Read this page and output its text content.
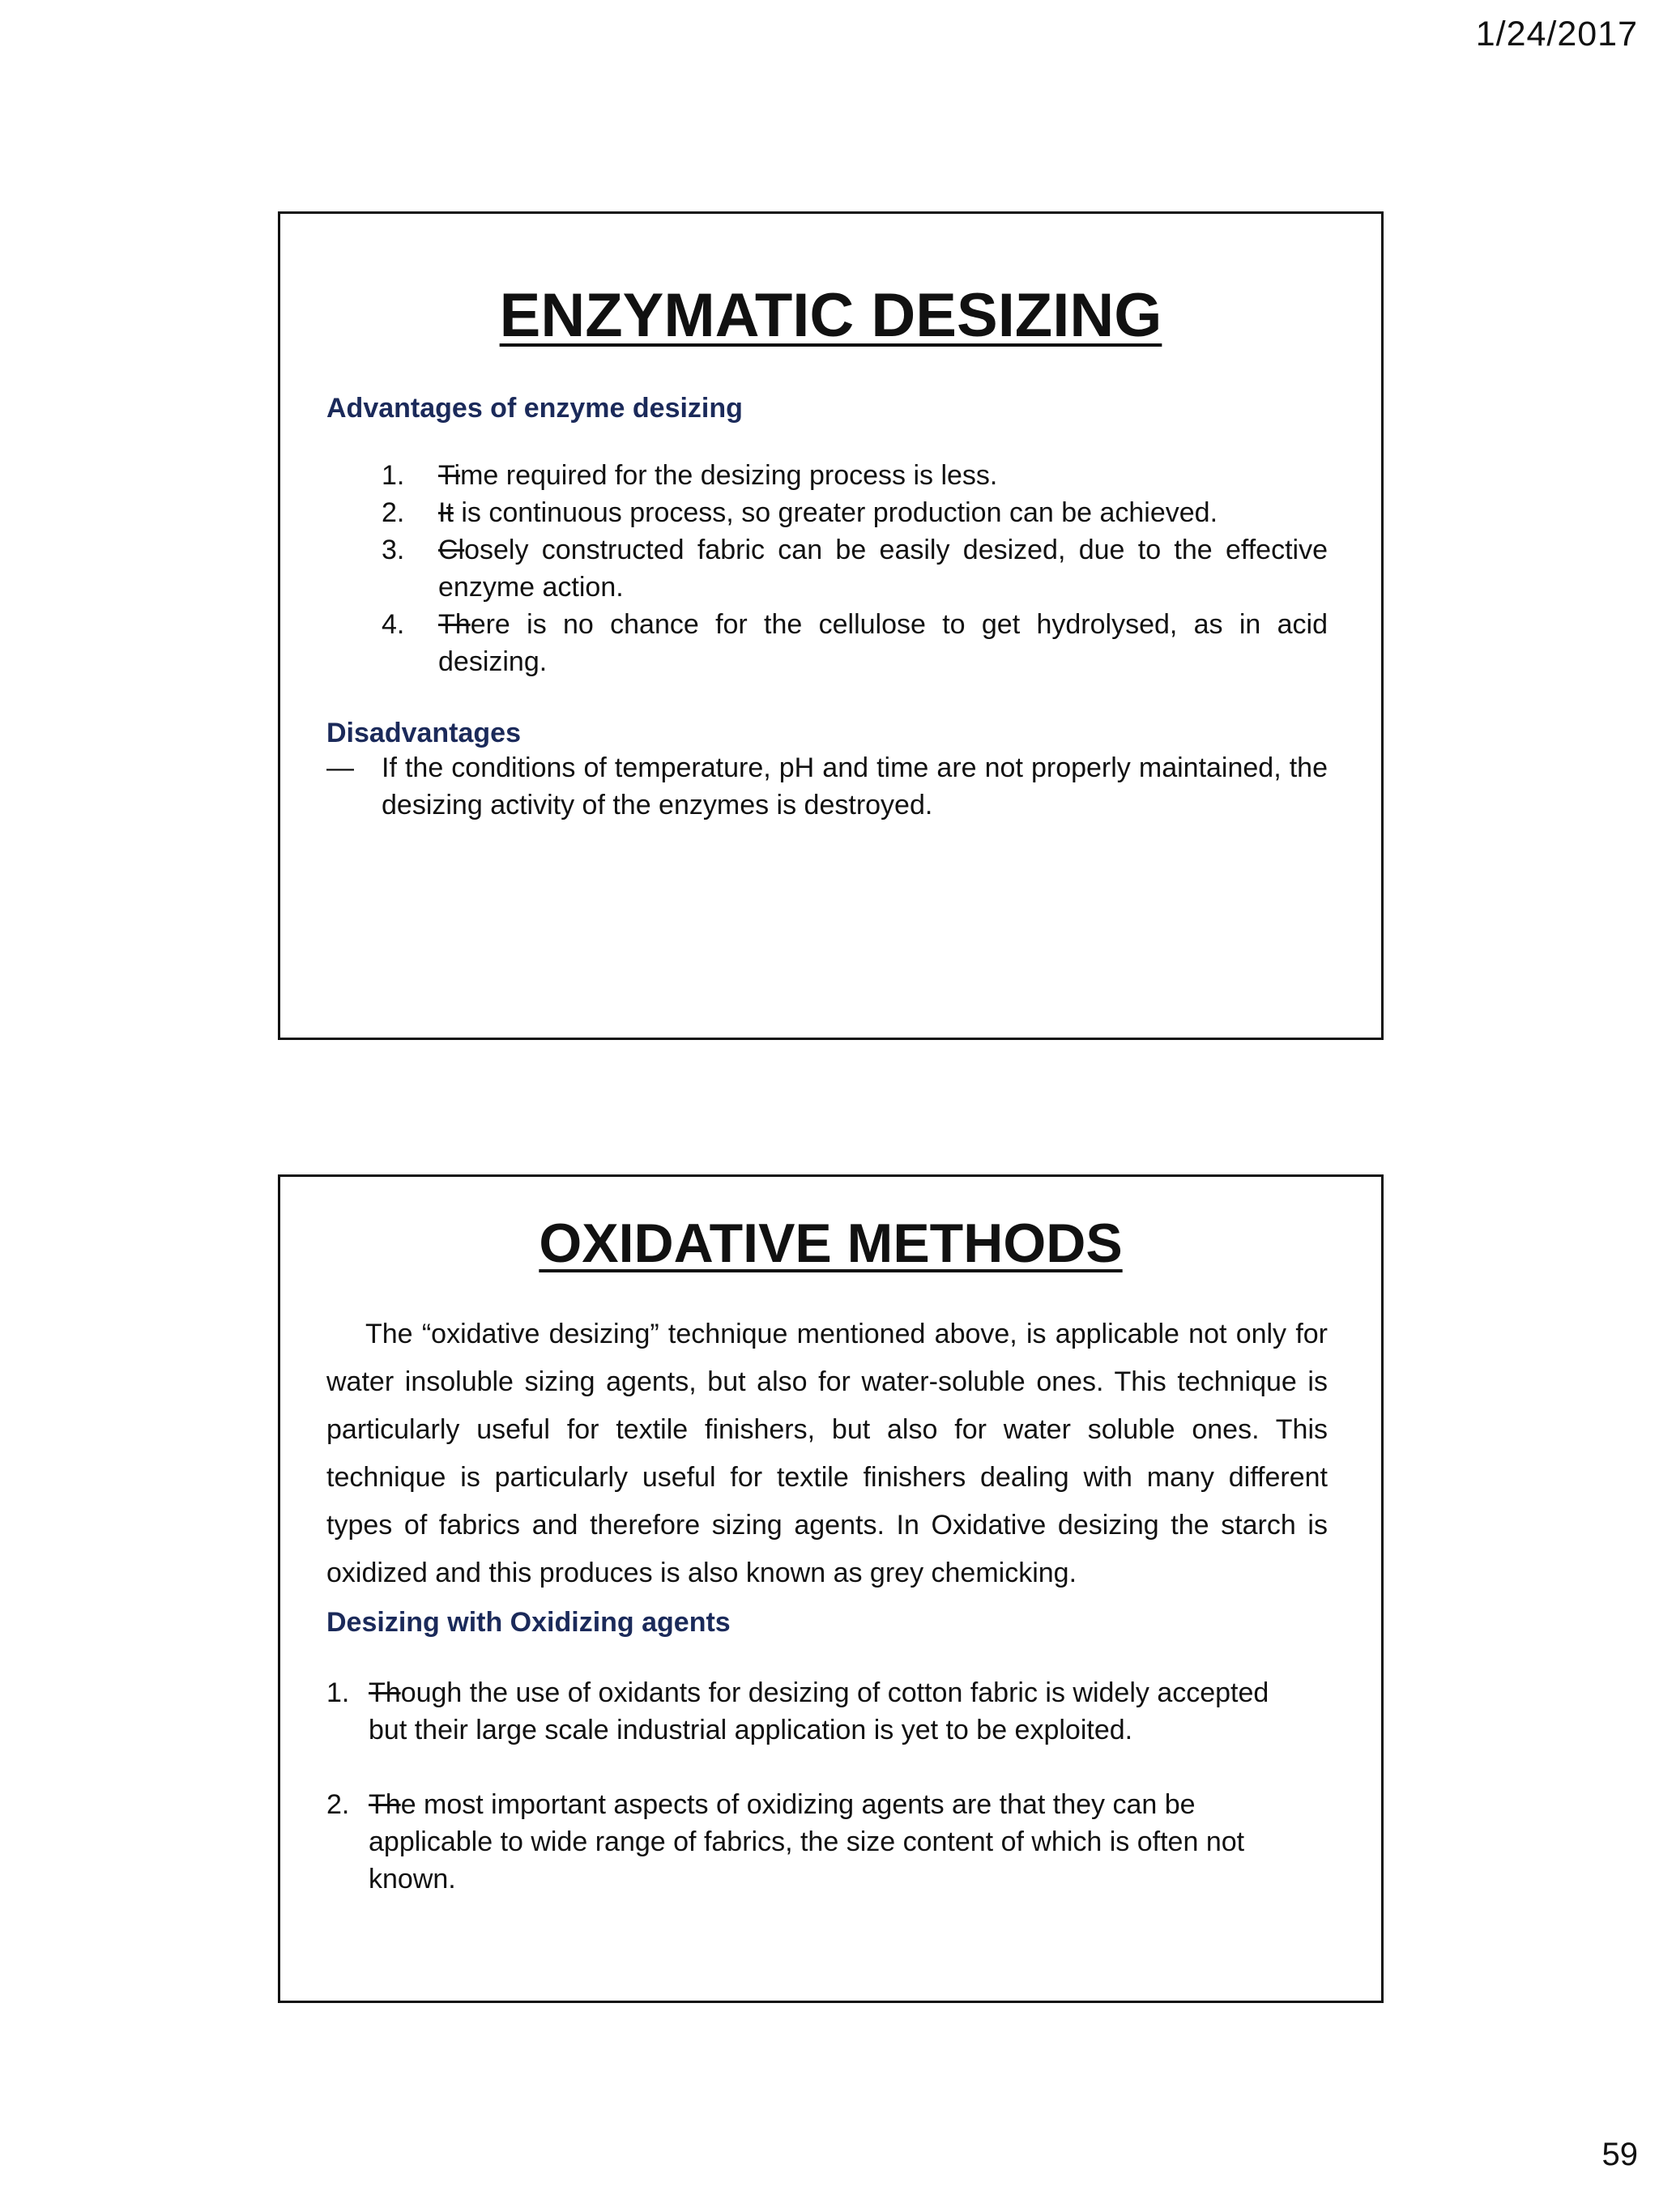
1/24/2017
ENZYMATIC DESIZING

Advantages of enzyme desizing

1.	Time required for the desizing process is less.
2.	It is continuous process, so greater production can be achieved.
3.	Closely constructed fabric can be easily desized, due to the effective enzyme action.
4.	There is no chance for the cellulose to get hydrolysed, as in acid desizing.

Disadvantages

—	If the conditions of temperature, pH and time are not properly maintained, the desizing activity of the enzymes is destroyed.
OXIDATIVE METHODS

The “oxidative desizing” technique mentioned above, is applicable not only for water insoluble sizing agents, but also for water-soluble ones. This technique is particularly useful for textile finishers, but also for water soluble ones. This technique is particularly useful for textile finishers dealing with many different types of fabrics and therefore sizing agents. In Oxidative desizing the starch is oxidized and this produces is also known as grey chemicking.

Desizing with Oxidizing agents

1. Though the use of oxidants for desizing of cotton fabric is widely accepted but their large scale industrial application is yet to be exploited.
2. The most important aspects of oxidizing agents are that they can be applicable to wide range of fabrics, the size content of which is often not known.
59
